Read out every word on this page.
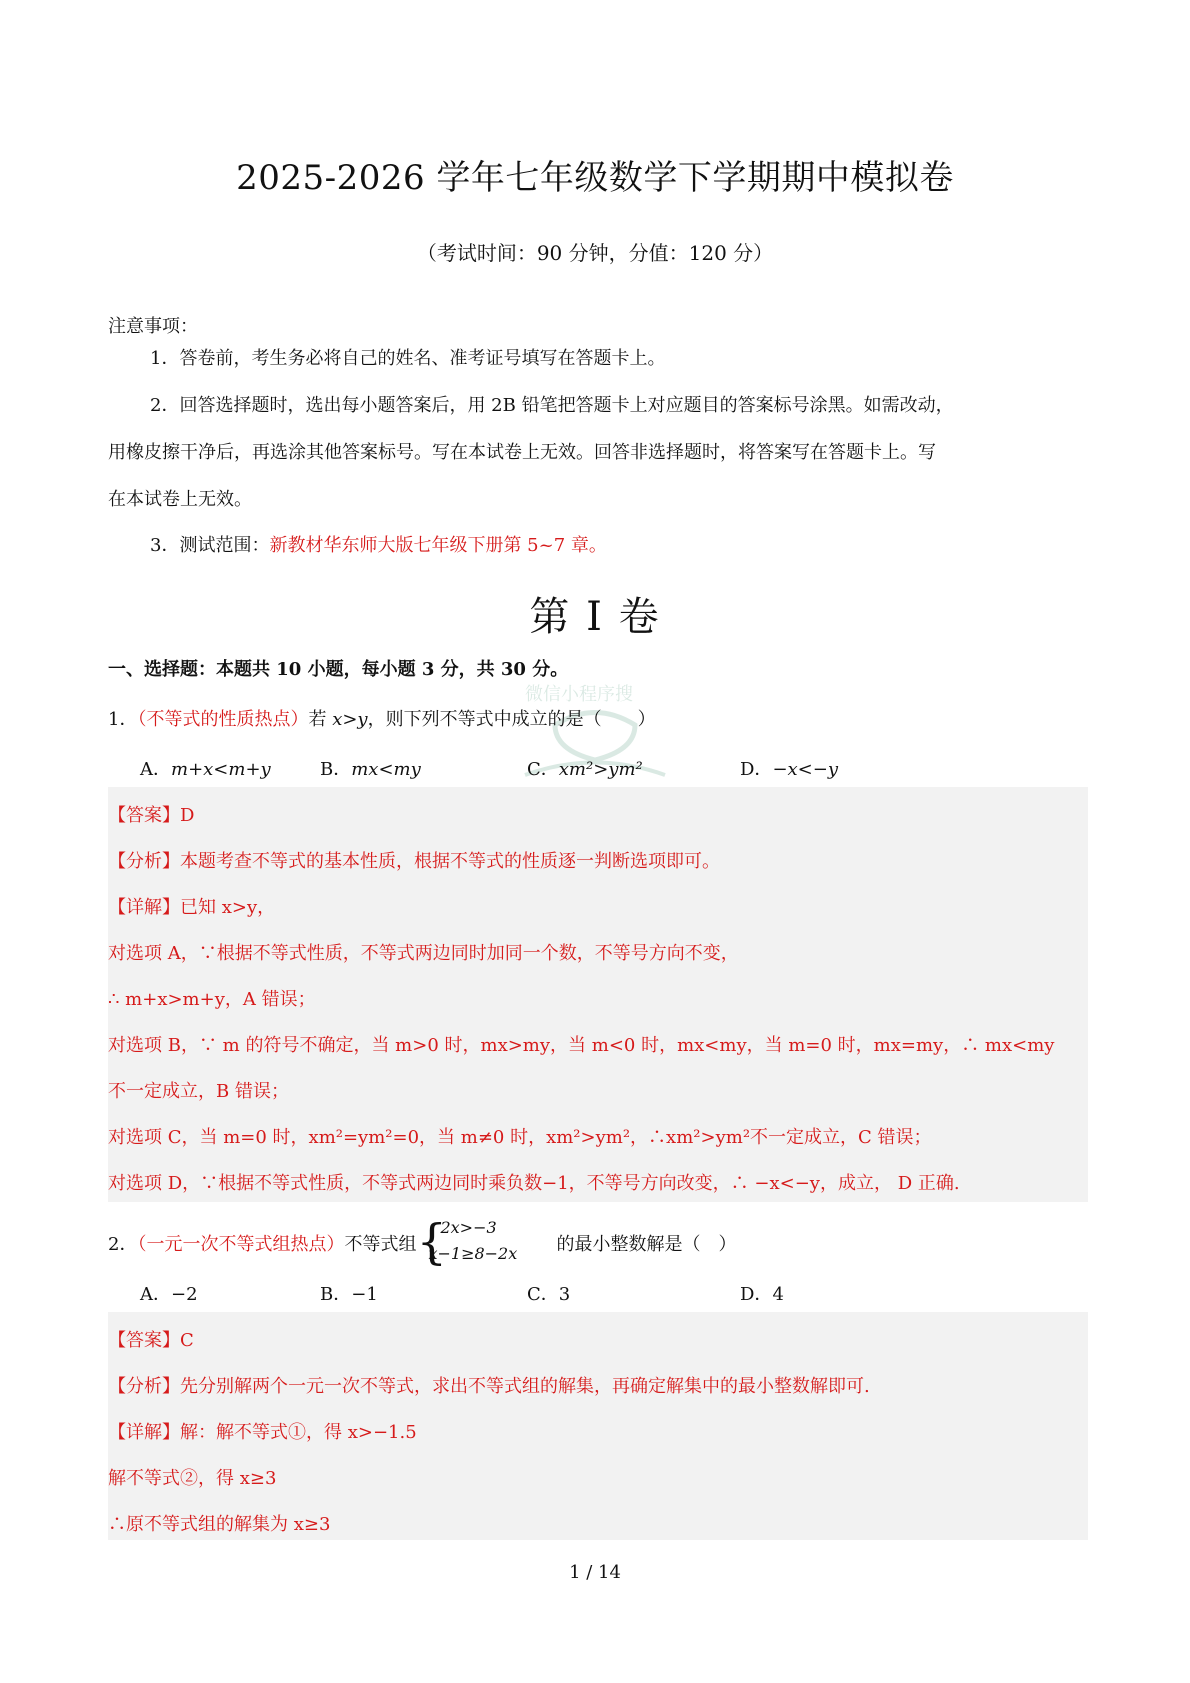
微信小程序搜
2025-2026 学年七年级数学下学期期中模拟卷
（考试时间：90 分钟，分值：120 分）
注意事项：
1．答卷前，考生务必将自己的姓名、准考证号填写在答题卡上。
2．回答选择题时，选出每小题答案后，用 2B 铅笔把答题卡上对应题目的答案标号涂黑。如需改动，
用橡皮擦干净后，再选涂其他答案标号。写在本试卷上无效。回答非选择题时，将答案写在答题卡上。写
在本试卷上无效。
3．测试范围：新教材华东师大版七年级下册第 5~7 章。
第 I 卷
一、选择题：本题共 10 小题，每小题 3 分，共 30 分。
1．（不等式的性质热点）若 x>y，则下列不等式中成立的是（　　）
A．m+x<m+y	B．mx<my	C．xm²>ym²	D．−x<−y
【答案】D
【分析】本题考查不等式的基本性质，根据不等式的性质逐一判断选项即可。
【详解】已知 x>y，
对选项 A，∵根据不等式性质，不等式两边同时加同一个数，不等号方向不变，
∴ m+x>m+y，A 错误；
对选项 B，∵ m 的符号不确定，当 m>0 时，mx>my，当 m<0 时，mx<my，当 m=0 时，mx=my，∴ mx<my
不一定成立，B 错误；
对选项 C，当 m=0 时，xm²=ym²=0，当 m≠0 时，xm²>ym²，∴xm²>ym²不一定成立，C 错误；
对选项 D，∵根据不等式性质，不等式两边同时乘负数−1，不等号方向改变，∴ −x<−y，成立， D 正确.
2．（一元一次不等式组热点）不等式组 {
2x>−3
x−1≥8−2x 的最小整数解是（　）
A．−2	B．−1	C．3	D．4
【答案】C
【分析】先分别解两个一元一次不等式，求出不等式组的解集，再确定解集中的最小整数解即可.
【详解】解：解不等式①，得 x>−1.5
解不等式②，得 x≥3
∴原不等式组的解集为 x≥3
1 / 14
